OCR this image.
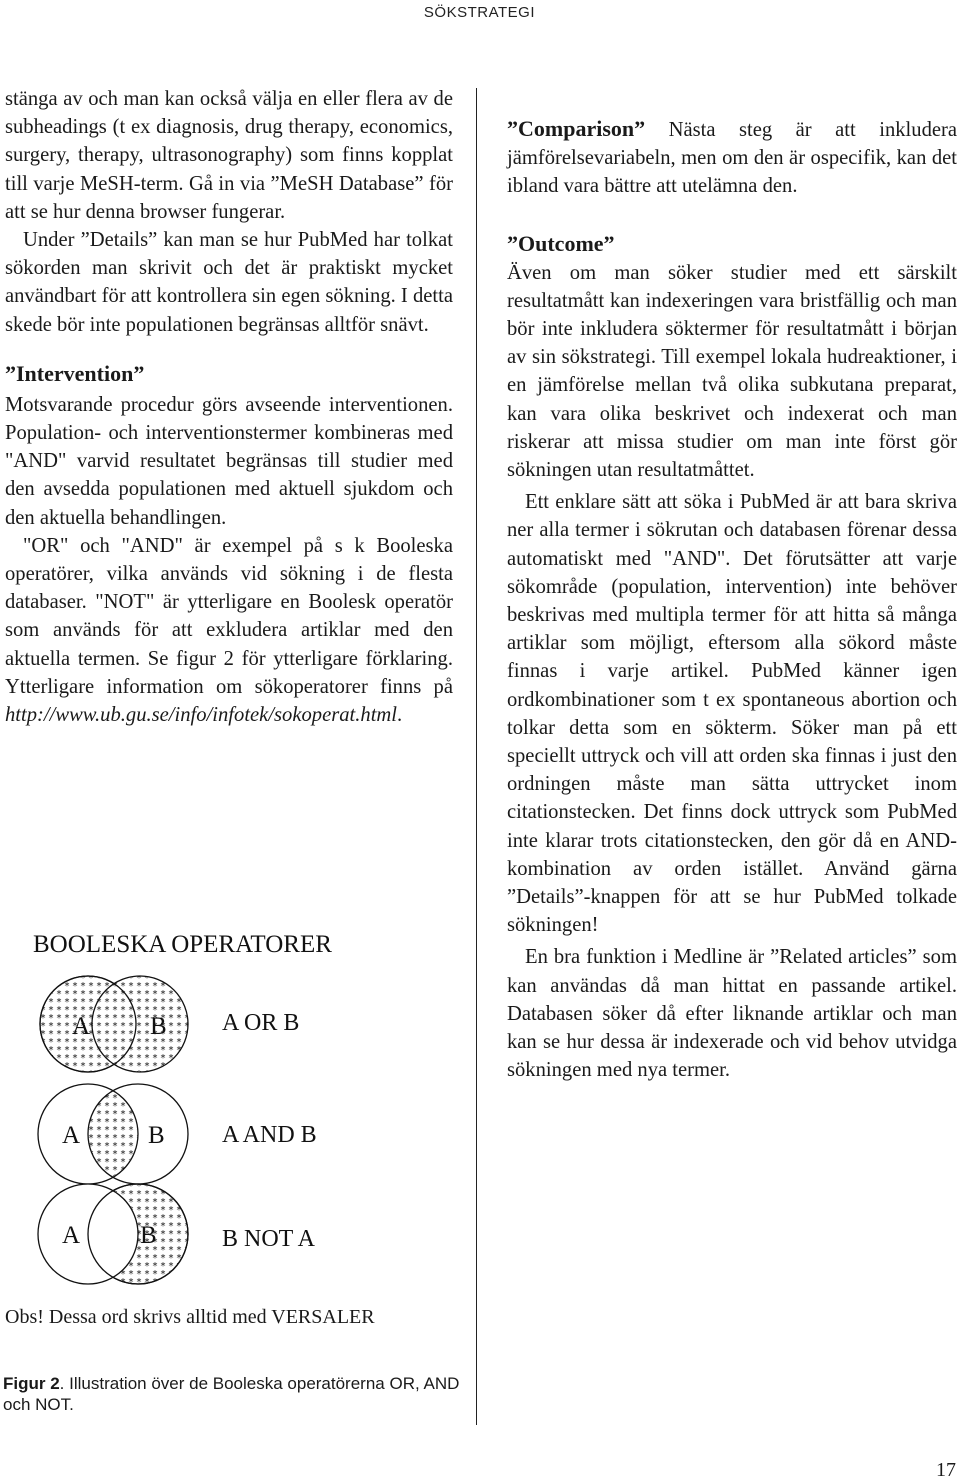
SÖKSTRATEGI

stänga av och man kan också välja en eller flera av de subheadings (t ex diagnosis, drug therapy, economics, surgery, therapy, ultrasonography) som finns kopplat till varje MeSH-term. Gå in via ”MeSH Database” för att se hur denna browser fungerar.

Under ”Details” kan man se hur PubMed har tolkat sökorden man skrivit och det är praktiskt mycket användbart för att kontrollera sin egen sökning. I detta skede bör inte populationen begränsas alltför snävt.

”Intervention”

Motsvarande procedur görs avseende interventionen. Population- och interventionstermer kombineras med "AND" varvid resultatet begränsas till studier med den avsedda populationen med aktuell sjukdom och den aktuella behandlingen.

"OR" och "AND" är exempel på s k Booleska operatörer, vilka används vid sökning i de flesta databaser. "NOT" är ytterligare en Boolesk operatör som används för att exkludera artiklar med den aktuella termen. Se figur 2 för ytterligare förklaring. Ytterligare information om sökoperatorer finns på http://www.ub.gu.se/info/infotek/sokoperat.html.

”Comparison” Nästa steg är att inkludera jämförelsevariabeln, men om den är ospecifik, kan det ibland vara bättre att utelämna den.

”Outcome”

Även om man söker studier med ett särskilt resultatmått kan indexeringen vara bristfällig och man bör inte inkludera söktermer för resultatmått i början av sin sökstrategi. Till exempel lokala hudreaktioner, i en jämförelse mellan två olika subkutana preparat, kan vara olika beskrivet och indexerat och man riskerar att missa studier om man inte först gör sökningen utan resultatmåttet.

Ett enklare sätt att söka i PubMed är att bara skriva ner alla termer i sökrutan och databasen förenar dessa automatiskt med "AND". Det förutsätter att varje sökområde (population, intervention) inte behöver beskrivas med multipla termer för att hitta så många artiklar som möjligt, eftersom alla sökord måste finnas i varje artikel. PubMed känner igen ordkombinationer som t ex spontaneous abortion och tolkar detta som en sökterm. Söker man på ett speciellt uttryck och vill att orden ska finnas i just den ordningen måste man sätta uttrycket inom citationstecken. Det finns dock uttryck som PubMed inte klarar trots citationstecken, den gör då en AND-kombination av orden istället. Använd gärna ”Details”-knappen för att se hur PubMed tolkade sökningen!

En bra funktion i Medline är ”Related articles” som kan användas då man hittat en passande artikel. Databasen söker då efter liknande artiklar och man kan se hur dessa är indexerade och vid behov utvidga sökningen med nya termer.

BOOLESKA OPERATORER
A B A OR B
A	B A AND B
A B	B NOT A
Obs! Dessa ord skrivs alltid med VERSALER
Figur 2. Illustration över de Booleska operatörerna OR, AND och NOT.
17
